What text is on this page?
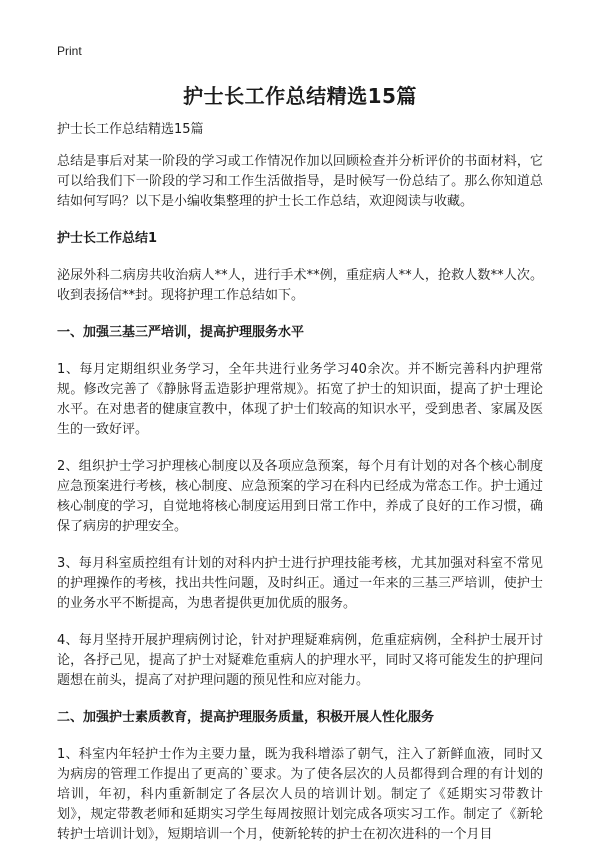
Print
护士长工作总结精选15篇
护士长工作总结精选15篇
总结是事后对某一阶段的学习或工作情况作加以回顾检查并分析评价的书面材料，它可以给我们下一阶段的学习和工作生活做指导，是时候写一份总结了。那么你知道总结如何写吗？以下是小编收集整理的护士长工作总结，欢迎阅读与收藏。
护士长工作总结1
泌尿外科二病房共收治病人**人，进行手术**例，重症病人**人，抢救人数**人次。收到表扬信**封。现将护理工作总结如下。
一、加强三基三严培训，提高护理服务水平
1、每月定期组织业务学习，全年共进行业务学习40余次。并不断完善科内护理常规。修改完善了《静脉肾盂造影护理常规》。拓宽了护士的知识面，提高了护士理论水平。在对患者的健康宣教中，体现了护士们较高的知识水平，受到患者、家属及医生的一致好评。
2、组织护士学习护理核心制度以及各项应急预案，每个月有计划的对各个核心制度应急预案进行考核，核心制度、应急预案的学习在科内已经成为常态工作。护士通过核心制度的学习，自觉地将核心制度运用到日常工作中，养成了良好的工作习惯，确保了病房的护理安全。
3、每月科室质控组有计划的对科内护士进行护理技能考核，尤其加强对科室不常见的护理操作的考核，找出共性问题，及时纠正。通过一年来的三基三严培训，使护士的业务水平不断提高，为患者提供更加优质的服务。
4、每月坚持开展护理病例讨论，针对护理疑难病例，危重症病例，全科护士展开讨论，各抒己见，提高了护士对疑难危重病人的护理水平，同时又将可能发生的护理问题想在前头，提高了对护理问题的预见性和应对能力。
二、加强护士素质教育，提高护理服务质量，积极开展人性化服务
1、科室内年轻护士作为主要力量，既为我科增添了朝气，注入了新鲜血液，同时又为病房的管理工作提出了更高的`要求。为了使各层次的人员都得到合理的有计划的培训，年初，科内重新制定了各层次人员的培训计划。制定了《延期实习带教计划》，规定带教老师和延期实习学生每周按照计划完成各项实习工作。制定了《新轮转护士培训计划》，短期培训一个月，使新轮转的护士在初次进科的一个月目
